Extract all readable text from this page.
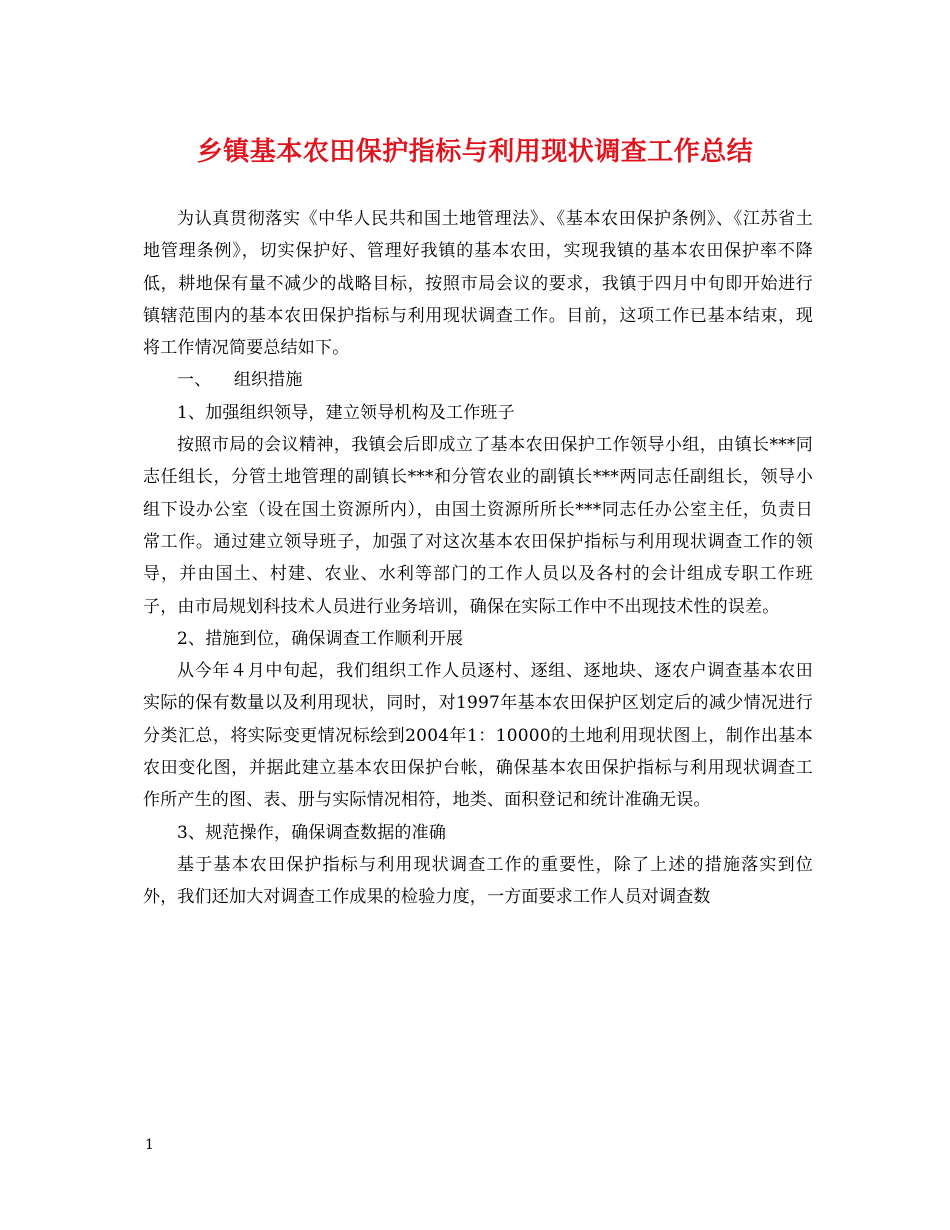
乡镇基本农田保护指标与利用现状调查工作总结

为认真贯彻落实《中华人民共和国土地管理法》、《基本农田保护条例》、《江苏省土地管理条例》，切实保护好、管理好我镇的基本农田，实现我镇的基本农田保护率不降低，耕地保有量不减少的战略目标，按照市局会议的要求，我镇于四月中旬即开始进行镇辖范围内的基本农田保护指标与利用现状调查工作。目前，这项工作已基本结束，现将工作情况简要总结如下。

一、    组织措施

1、加强组织领导，建立领导机构及工作班子

按照市局的会议精神，我镇会后即成立了基本农田保护工作领导小组，由镇长***同志任组长，分管土地管理的副镇长***和分管农业的副镇长***两同志任副组长，领导小组下设办公室（设在国土资源所内），由国土资源所所长***同志任办公室主任，负责日常工作。通过建立领导班子，加强了对这次基本农田保护指标与利用现状调查工作的领导，并由国土、村建、农业、水利等部门的工作人员以及各村的会计组成专职工作班子，由市局规划科技术人员进行业务培训，确保在实际工作中不出现技术性的误差。

2、措施到位，确保调查工作顺利开展

从今年４月中旬起，我们组织工作人员逐村、逐组、逐地块、逐农户调查基本农田实际的保有数量以及利用现状，同时，对1997年基本农田保护区划定后的减少情况进行分类汇总，将实际变更情况标绘到2004年1：10000的土地利用现状图上，制作出基本农田变化图，并据此建立基本农田保护台帐，确保基本农田保护指标与利用现状调查工作所产生的图、表、册与实际情况相符，地类、面积登记和统计准确无误。

3、规范操作，确保调查数据的准确

基于基本农田保护指标与利用现状调查工作的重要性，除了上述的措施落实到位外，我们还加大对调查工作成果的检验力度，一方面要求工作人员对调查数

1
